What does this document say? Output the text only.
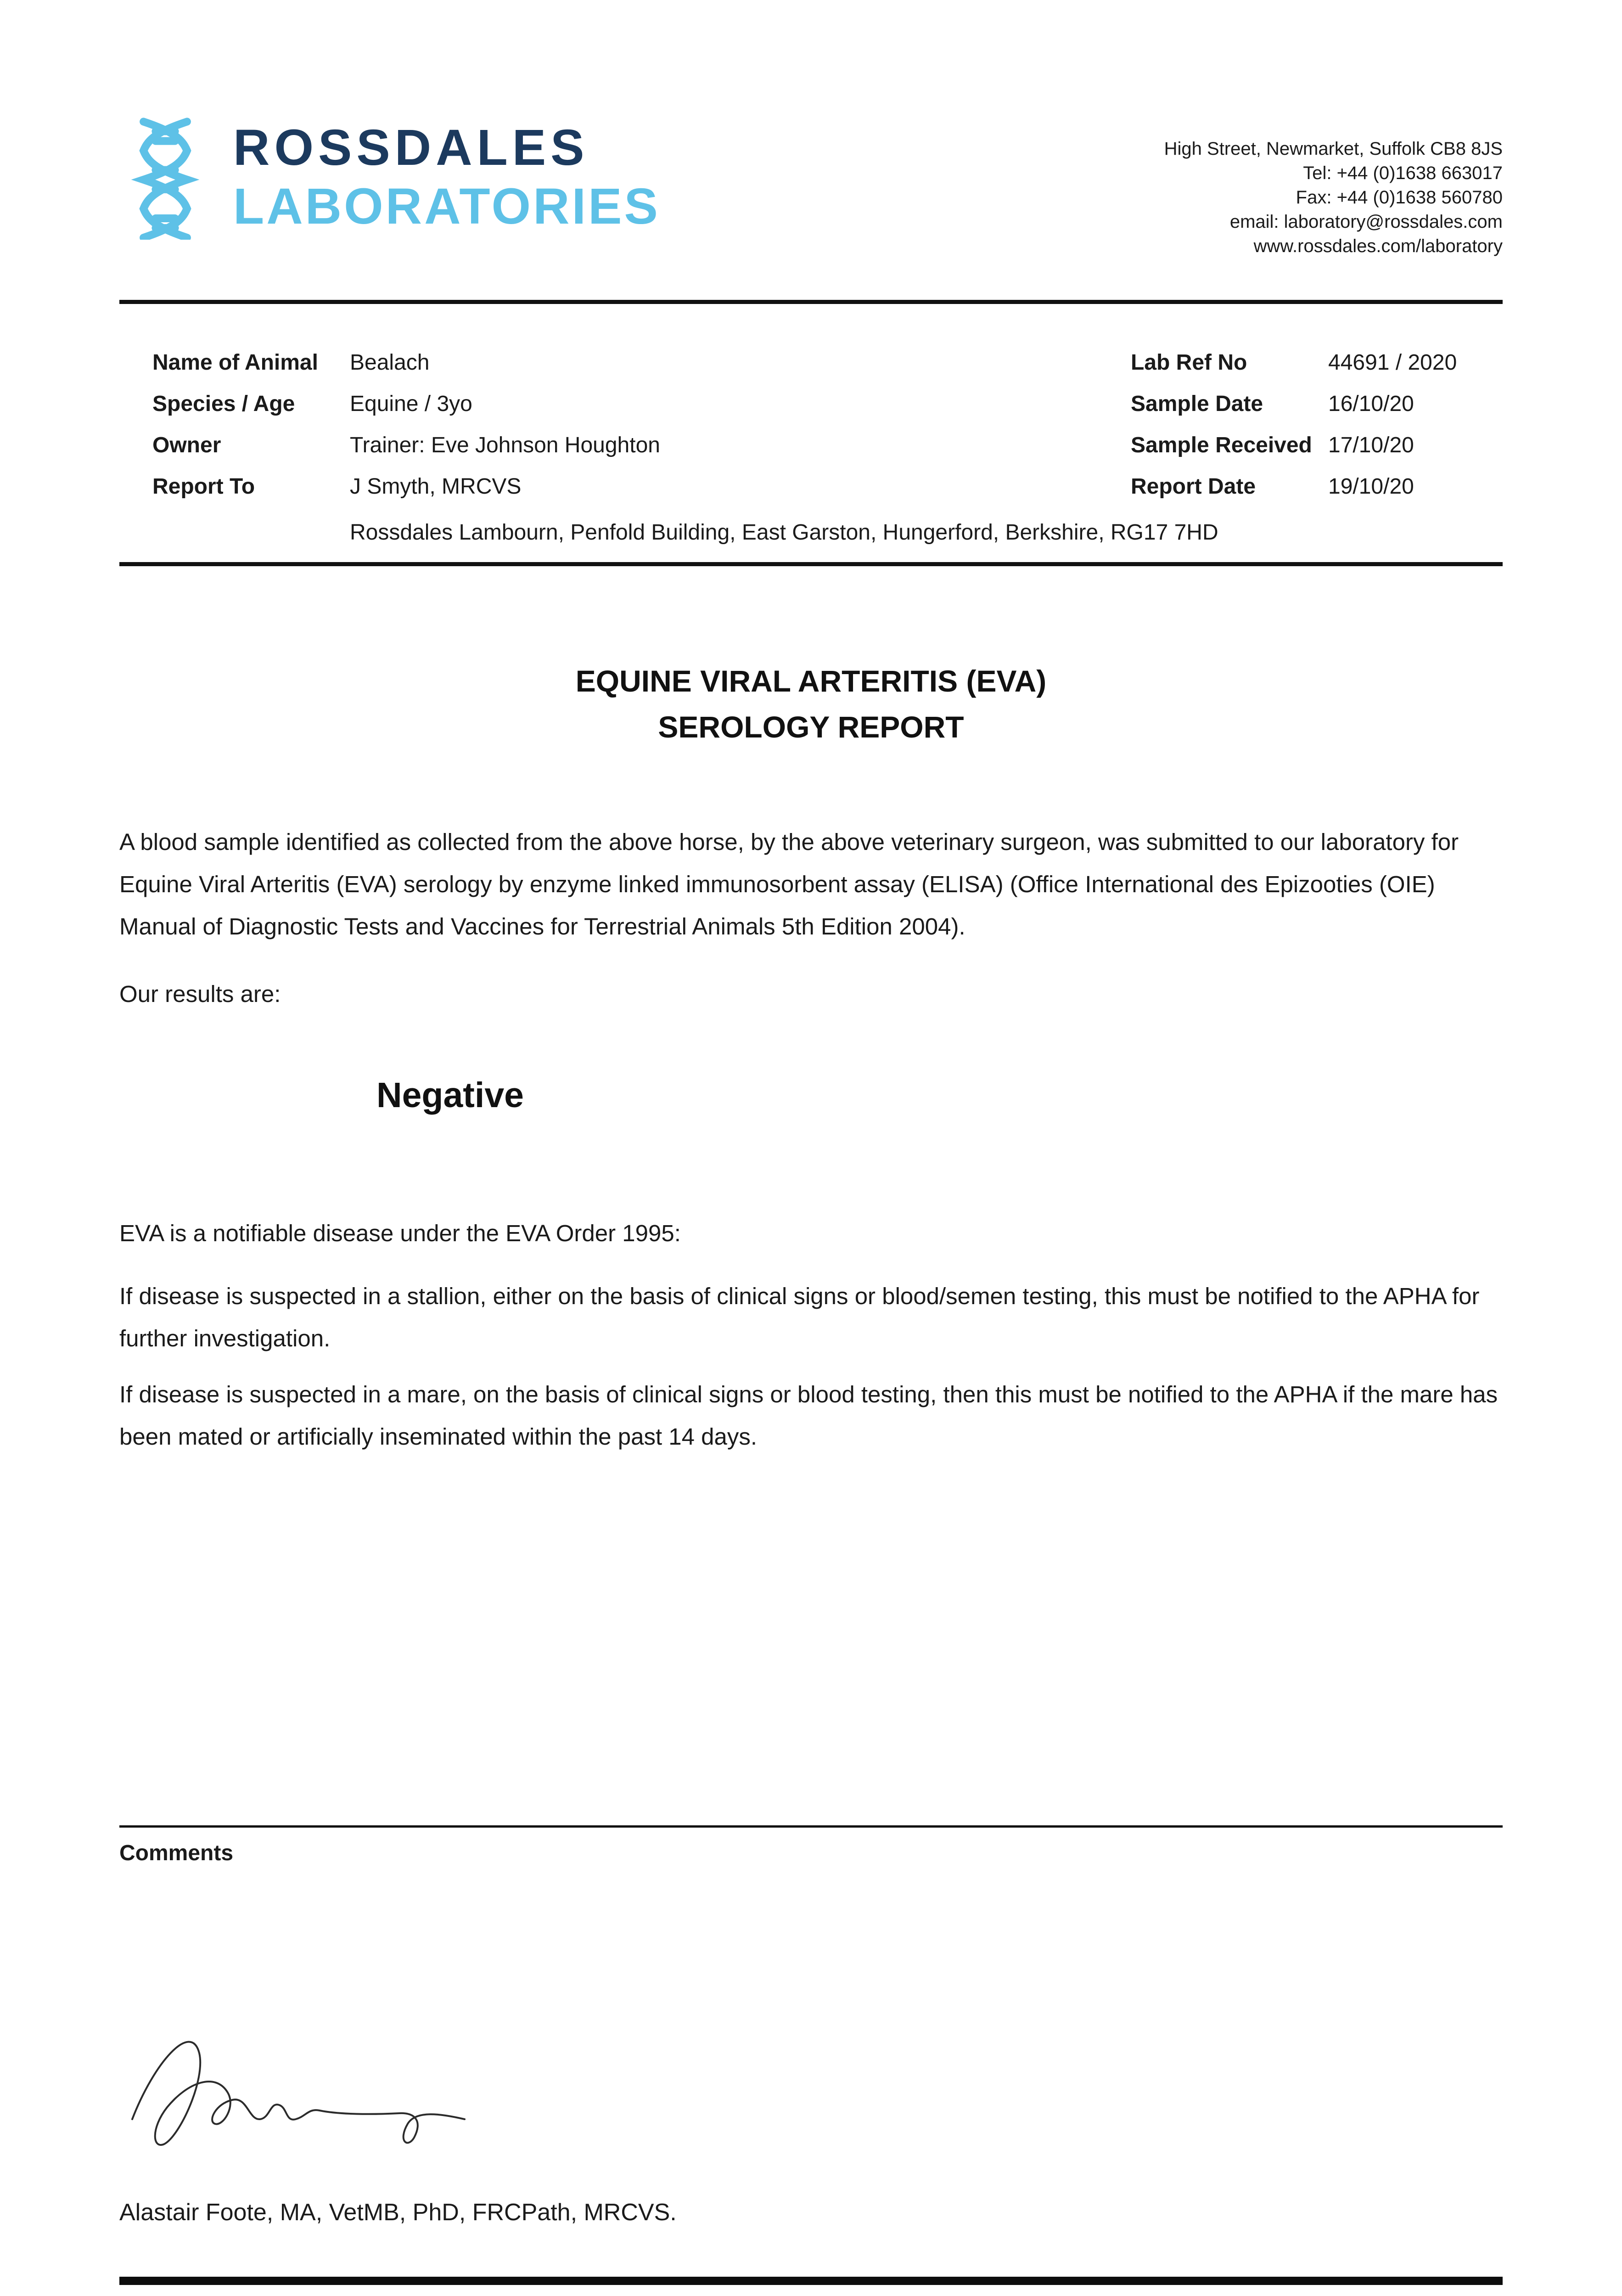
ROSSDALES
LABORATORIES
High Street, Newmarket, Suffolk CB8 8JS
Tel: +44 (0)1638 663017
Fax: +44 (0)1638 560780
email: laboratory@rossdales.com
www.rossdales.com/laboratory
Name of Animal	Bealach
Species / Age	Equine / 3yo
Owner	Trainer: Eve Johnson Houghton
Report To	J Smyth, MRCVS
Lab Ref No	44691 / 2020
Sample Date	16/10/20
Sample Received 17/10/20
Report Date	19/10/20
Rossdales Lambourn, Penfold Building, East Garston, Hungerford, Berkshire, RG17 7HD
EQUINE VIRAL ARTERITIS (EVA)
SEROLOGY REPORT

A blood sample identified as collected from the above horse, by the above veterinary surgeon, was submitted to our laboratory for Equine Viral Arteritis (EVA) serology by enzyme linked immunosorbent assay (ELISA) (Office International des Epizooties (OIE) Manual of Diagnostic Tests and Vaccines for Terrestrial Animals 5th Edition 2004).

Our results are:

Negative

EVA is a notifiable disease under the EVA Order 1995:

If disease is suspected in a stallion, either on the basis of clinical signs or blood/semen testing, this must be notified to the APHA for further investigation.

If disease is suspected in a mare, on the basis of clinical signs or blood testing, then this must be notified to the APHA if the mare has been mated or artificially inseminated within the past 14 days.

Comments
Alastair Foote, MA, VetMB, PhD, FRCPath, MRCVS.
